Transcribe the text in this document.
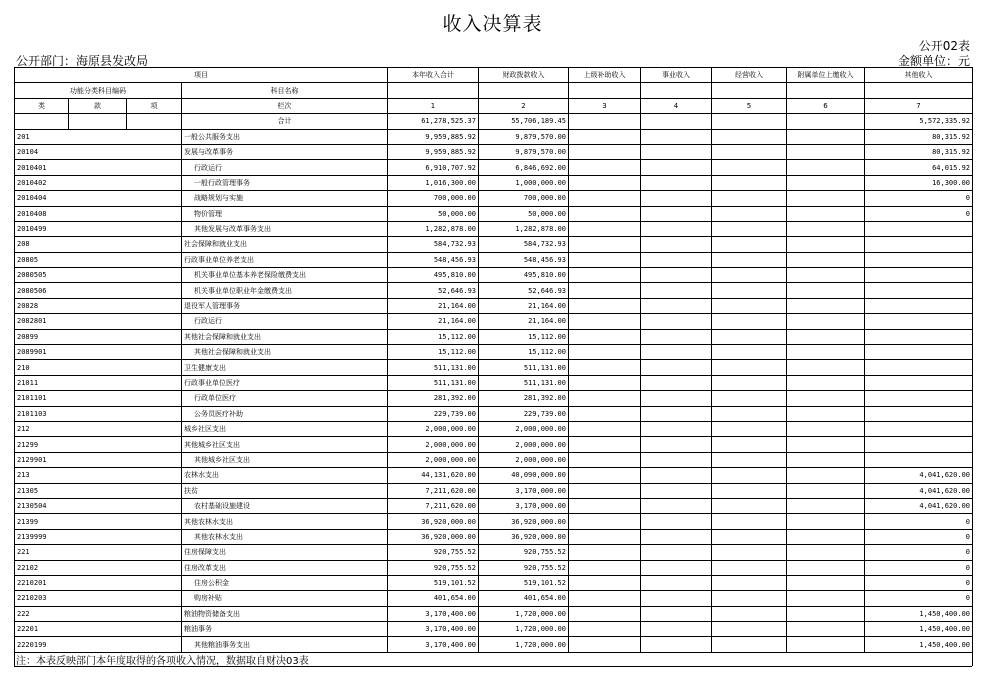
收入决算表
公开02表
公开部门：海原县发改局	金额单位：元
项目				本年收入合计	财政拨款收入	上级补助收入	事业收入	经营收入	附属单位上缴收入	其他收入
功能分类科目编码			科目名称							
类	款	项	栏次	1	2	3	4	5	6	7
			合计	61,278,525.37	55,706,189.45					5,572,335.92
201			一般公共服务支出	9,959,885.92	9,879,570.00					80,315.92
20104			发展与改革事务	9,959,885.92	9,879,570.00					80,315.92
2010401			行政运行	6,910,707.92	6,846,692.00					64,015.92
2010402			一般行政管理事务	1,016,300.00	1,000,000.00					16,300.00
2010404			战略规划与实施	700,000.00	700,000.00					0
2010408			物价管理	50,000.00	50,000.00					0
2010499			其他发展与改革事务支出	1,282,878.00	1,282,878.00					
208			社会保障和就业支出	584,732.93	584,732.93					
20805			行政事业单位养老支出	548,456.93	548,456.93					
2080505			机关事业单位基本养老保险缴费支出	495,810.00	495,810.00					
2080506			机关事业单位职业年金缴费支出	52,646.93	52,646.93					
20828			退役军人管理事务	21,164.00	21,164.00					
2082801			行政运行	21,164.00	21,164.00					
20899			其他社会保障和就业支出	15,112.00	15,112.00					
2089901			其他社会保障和就业支出	15,112.00	15,112.00					
210			卫生健康支出	511,131.00	511,131.00					
21011			行政事业单位医疗	511,131.00	511,131.00					
2101101			行政单位医疗	281,392.00	281,392.00					
2101103			公务员医疗补助	229,739.00	229,739.00					
212			城乡社区支出	2,000,000.00	2,000,000.00					
21299			其他城乡社区支出	2,000,000.00	2,000,000.00					
2129901			其他城乡社区支出	2,000,000.00	2,000,000.00					
213			农林水支出	44,131,620.00	40,090,000.00					4,041,620.00
21305			扶贫	7,211,620.00	3,170,000.00					4,041,620.00
2130504			农村基础设施建设	7,211,620.00	3,170,000.00					4,041,620.00
21399			其他农林水支出	36,920,000.00	36,920,000.00					0
2139999			其他农林水支出	36,920,000.00	36,920,000.00					0
221			住房保障支出	920,755.52	920,755.52					0
22102			住房改革支出	920,755.52	920,755.52					0
2210201			住房公积金	519,101.52	519,101.52					0
2210203			购房补贴	401,654.00	401,654.00					0
222			粮油物资储备支出	3,170,400.00	1,720,000.00					1,450,400.00
22201			粮油事务	3,170,400.00	1,720,000.00					1,450,400.00
2220199			其他粮油事务支出	3,170,400.00	1,720,000.00					1,450,400.00
注：本表反映部门本年度取得的各项收入情况，数据取自财决03表
